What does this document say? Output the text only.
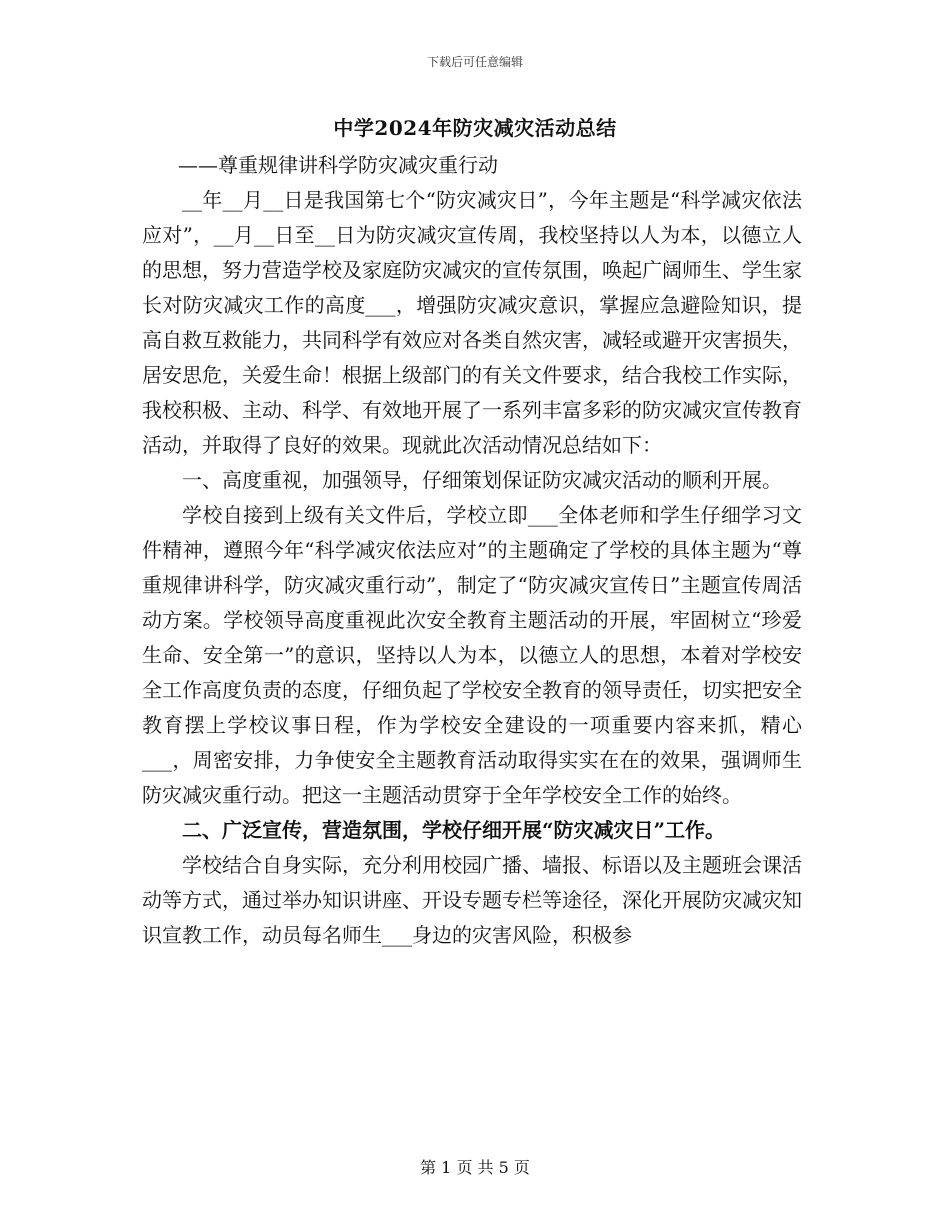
下载后可任意编辑
中学2024年防灾减灾活动总结

——尊重规律讲科学防灾减灾重行动

__年__月__日是我国第七个“防灾减灾日”，今年主题是“科学减灾依法应对”，__月__日至__日为防灾减灾宣传周，我校坚持以人为本，以德立人的思想，努力营造学校及家庭防灾减灾的宣传氛围，唤起广阔师生、学生家长对防灾减灾工作的高度___，增强防灾减灾意识，掌握应急避险知识，提高自救互救能力，共同科学有效应对各类自然灾害，减轻或避开灾害损失，居安思危，关爱生命！根据上级部门的有关文件要求，结合我校工作实际，我校积极、主动、科学、有效地开展了一系列丰富多彩的防灾减灾宣传教育活动，并取得了良好的效果。现就此次活动情况总结如下：

一、高度重视，加强领导，仔细策划保证防灾减灾活动的顺利开展。

学校自接到上级有关文件后，学校立即___全体老师和学生仔细学习文件精神，遵照今年“科学减灾依法应对”的主题确定了学校的具体主题为“尊重规律讲科学，防灾减灾重行动”，制定了“防灾减灾宣传日”主题宣传周活动方案。学校领导高度重视此次安全教育主题活动的开展，牢固树立“珍爱生命、安全第一”的意识，坚持以人为本，以德立人的思想，本着对学校安全工作高度负责的态度，仔细负起了学校安全教育的领导责任，切实把安全教育摆上学校议事日程，作为学校安全建设的一项重要内容来抓，精心___，周密安排，力争使安全主题教育活动取得实实在在的效果，强调师生防灾减灾重行动。把这一主题活动贯穿于全年学校安全工作的始终。

二、广泛宣传，营造氛围，学校仔细开展“防灾减灾日”工作。

学校结合自身实际，充分利用校园广播、墙报、标语以及主题班会课活动等方式，通过举办知识讲座、开设专题专栏等途径，深化开展防灾减灾知识宣教工作，动员每名师生___身边的灾害风险，积极参

第 1 页 共 5 页
